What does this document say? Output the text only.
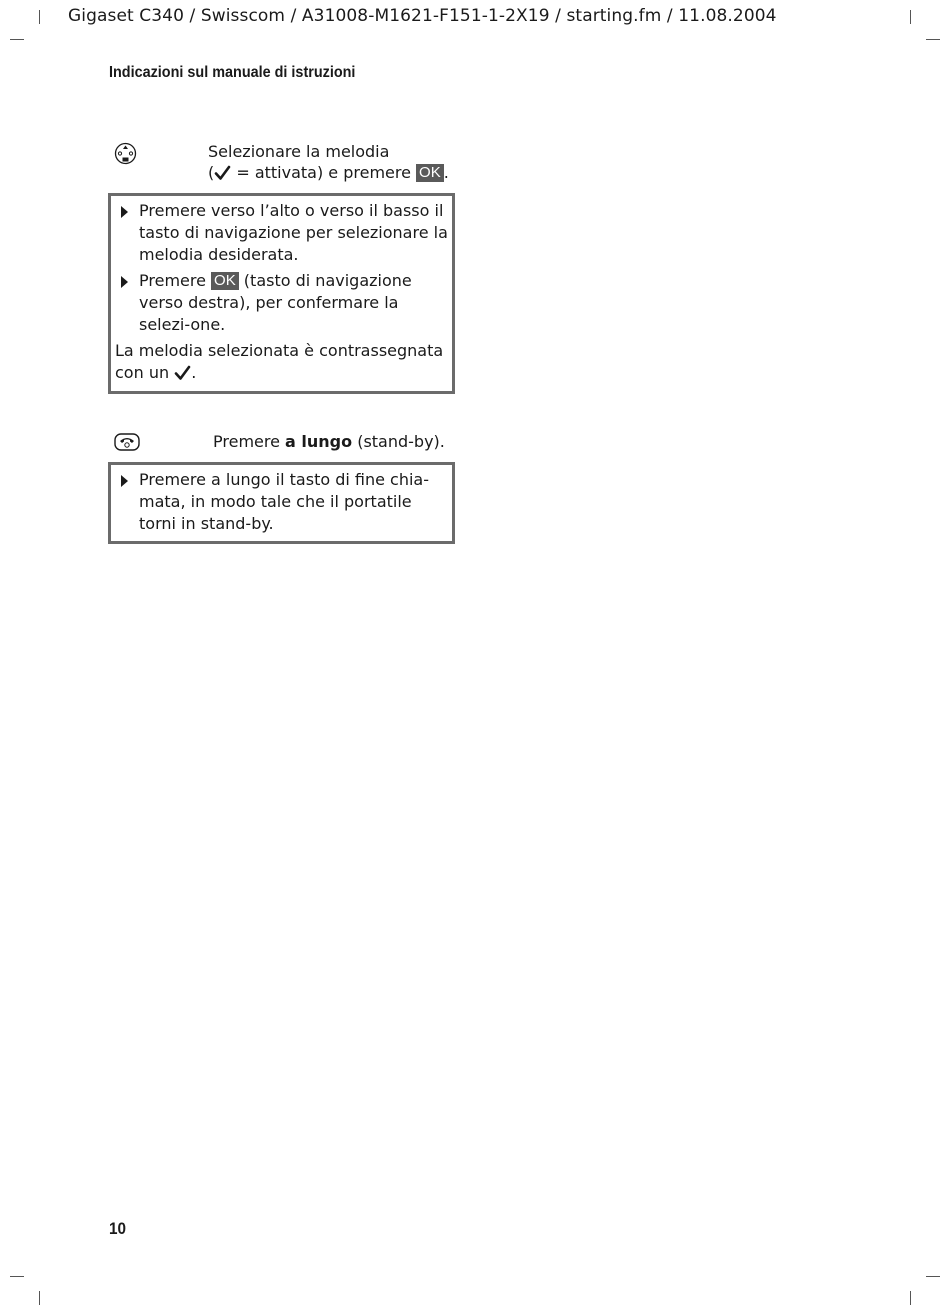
Gigaset C340 / Swisscom / A31008-M1621-F151-1-2X19 / starting.fm / 11.08.2004
Indicazioni sul manuale di istruzioni
Selezionare la melodia
( = attivata) e premere OK .
Premere verso l’alto o verso il basso il tasto di navigazione per selezionare la melodia desiderata.
Premere OK (tasto di navigazione verso destra), per confermare la selezi-one.
La melodia selezionata è contrassegnata con un .
Premere a lungo (stand-by).
Premere a lungo il tasto di fine chia-mata, in modo tale che il portatile torni in stand-by.
10
